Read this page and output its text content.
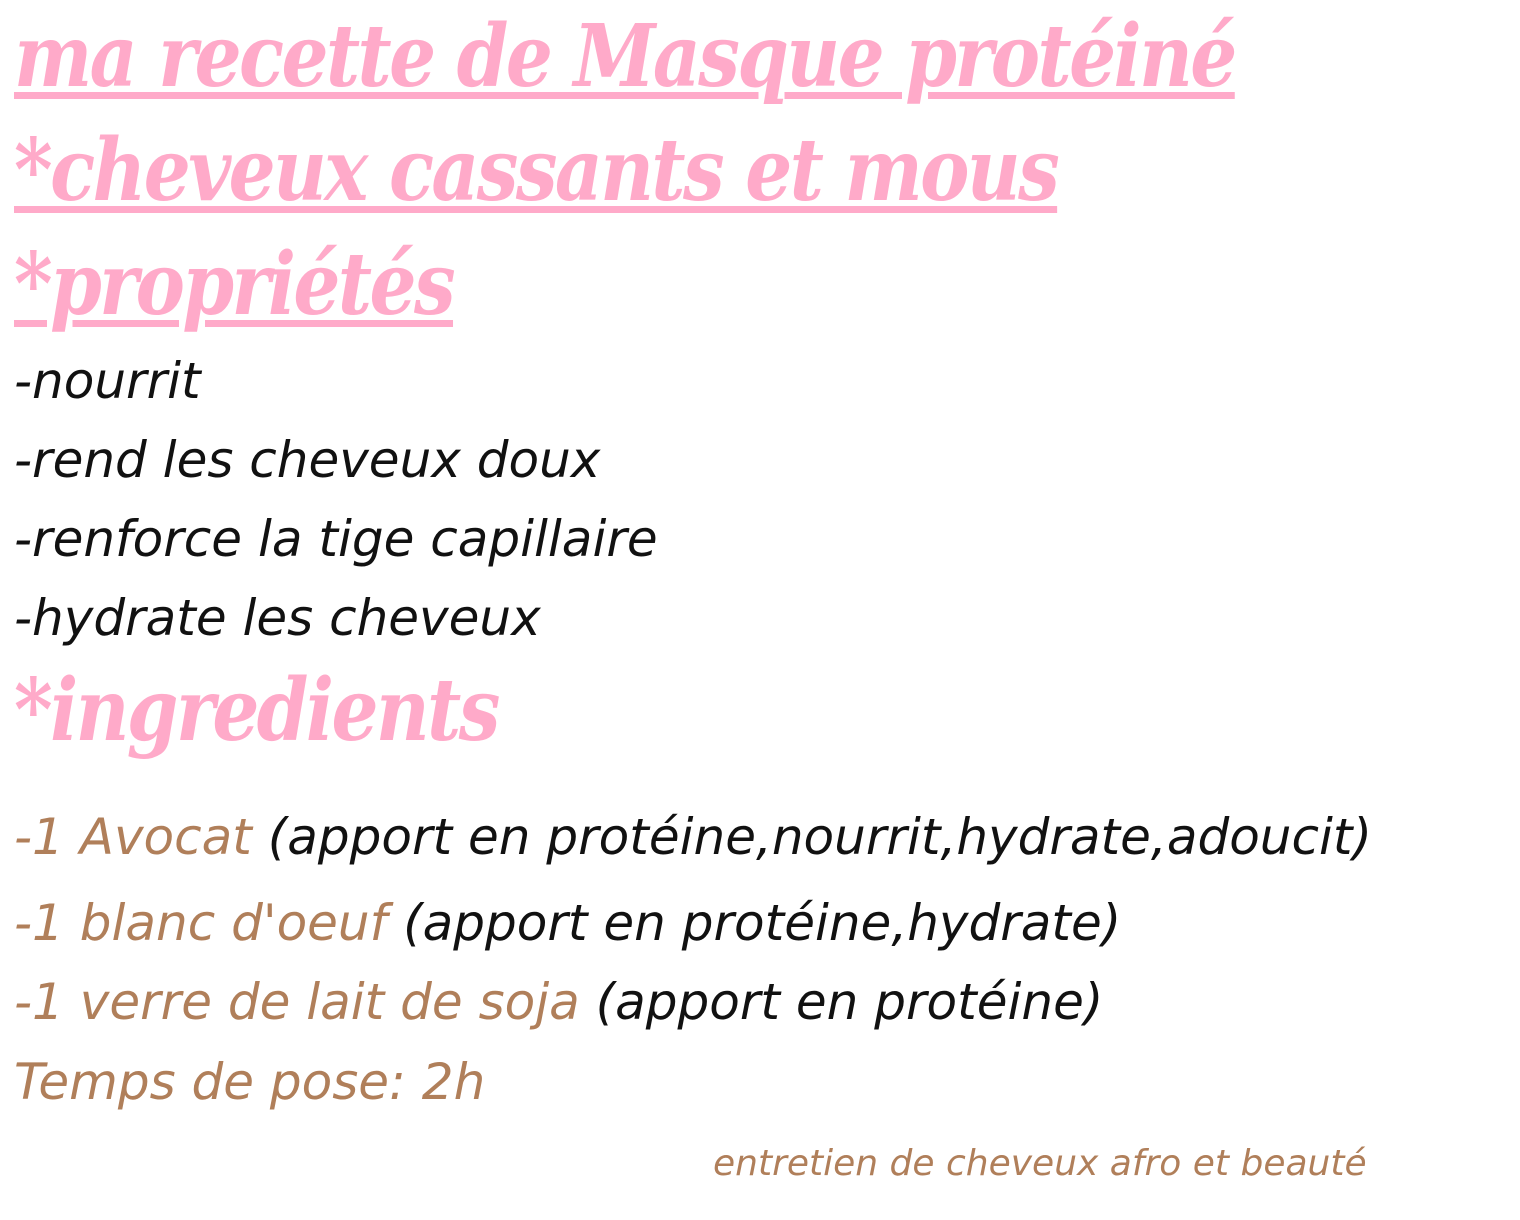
ma recette de Masque protéiné
*cheveux cassants et mous
*propriétés

-nourrit

-rend les cheveux doux

-renforce la tige capillaire

-hydrate les cheveux

*ingredients

-1 Avocat (apport en protéine,nourrit,hydrate,adoucit)

-1 blanc d'oeuf (apport en protéine,hydrate)

-1 verre de lait de soja (apport en protéine)

Temps de pose: 2h

entretien de cheveux afro et beauté
